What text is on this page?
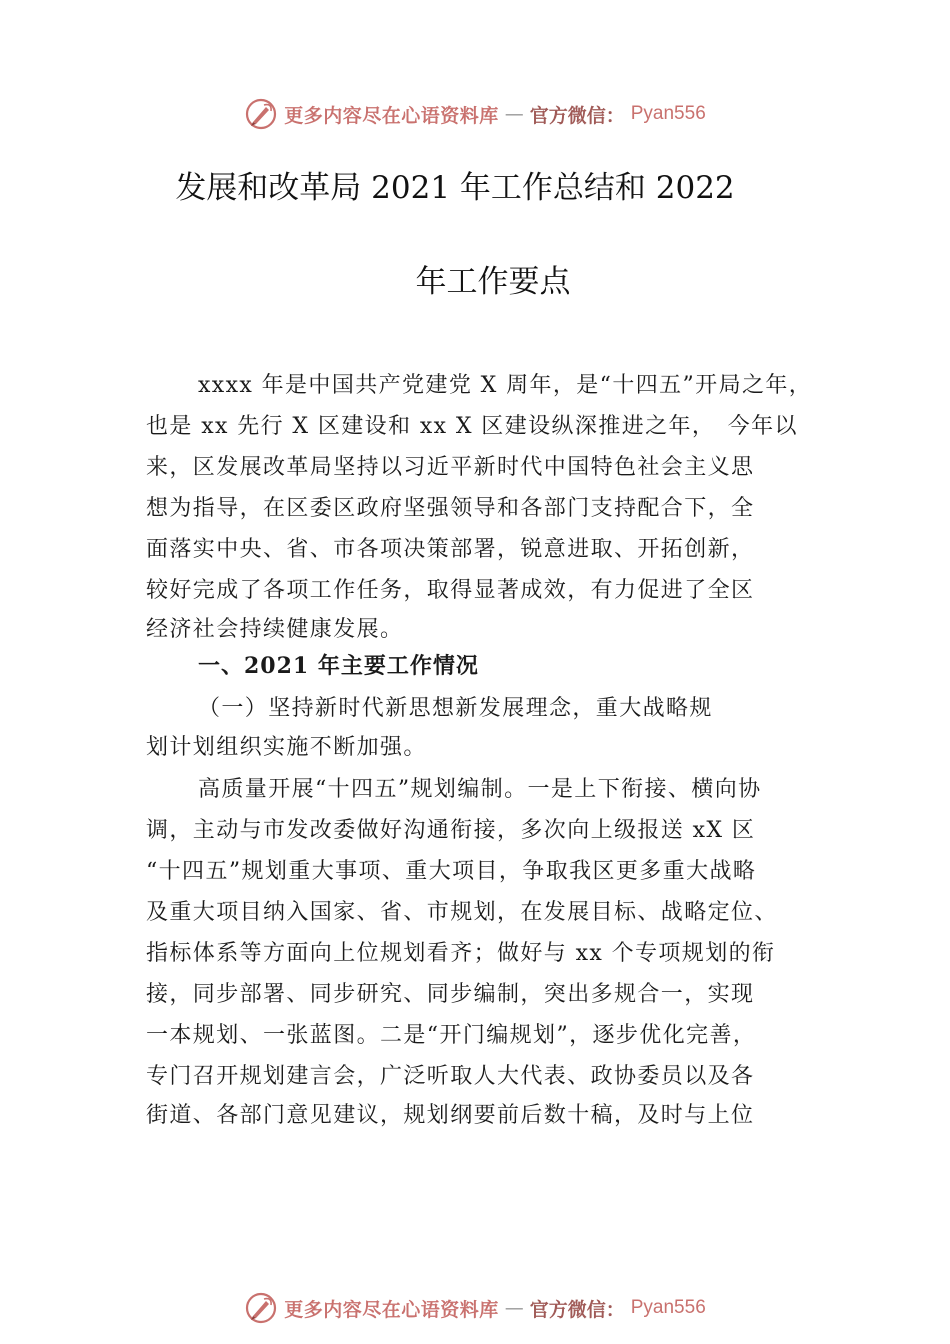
更多内容尽在心语资料库 — 官方微信： Pyan556
发展和改革局 2021 年工作总结和 2022
年工作要点
xxxx 年是中国共产党建党 X 周年，是“十四五”开局之年，
也是 xx 先行 X 区建设和 xx X 区建设纵深推进之年，　今年以
来，区发展改革局坚持以习近平新时代中国特色社会主义思
想为指导，在区委区政府坚强领导和各部门支持配合下，全
面落实中央、省、市各项决策部署，锐意进取、开拓创新，
较好完成了各项工作任务，取得显著成效，有力促进了全区
经济社会持续健康发展。
一、2021 年主要工作情况
（一）坚持新时代新思想新发展理念，重大战略规
划计划组织实施不断加强。
高质量开展“十四五”规划编制。一是上下衔接、横向协
调，主动与市发改委做好沟通衔接，多次向上级报送 xX 区
“十四五”规划重大事项、重大项目，争取我区更多重大战略
及重大项目纳入国家、省、市规划，在发展目标、战略定位、
指标体系等方面向上位规划看齐；做好与 xx 个专项规划的衔
接，同步部署、同步研究、同步编制，突出多规合一，实现
一本规划、一张蓝图。二是“开门编规划”，逐步优化完善，
专门召开规划建言会，广泛听取人大代表、政协委员以及各
街道、各部门意见建议，规划纲要前后数十稿，及时与上位
更多内容尽在心语资料库 — 官方微信： Pyan556
